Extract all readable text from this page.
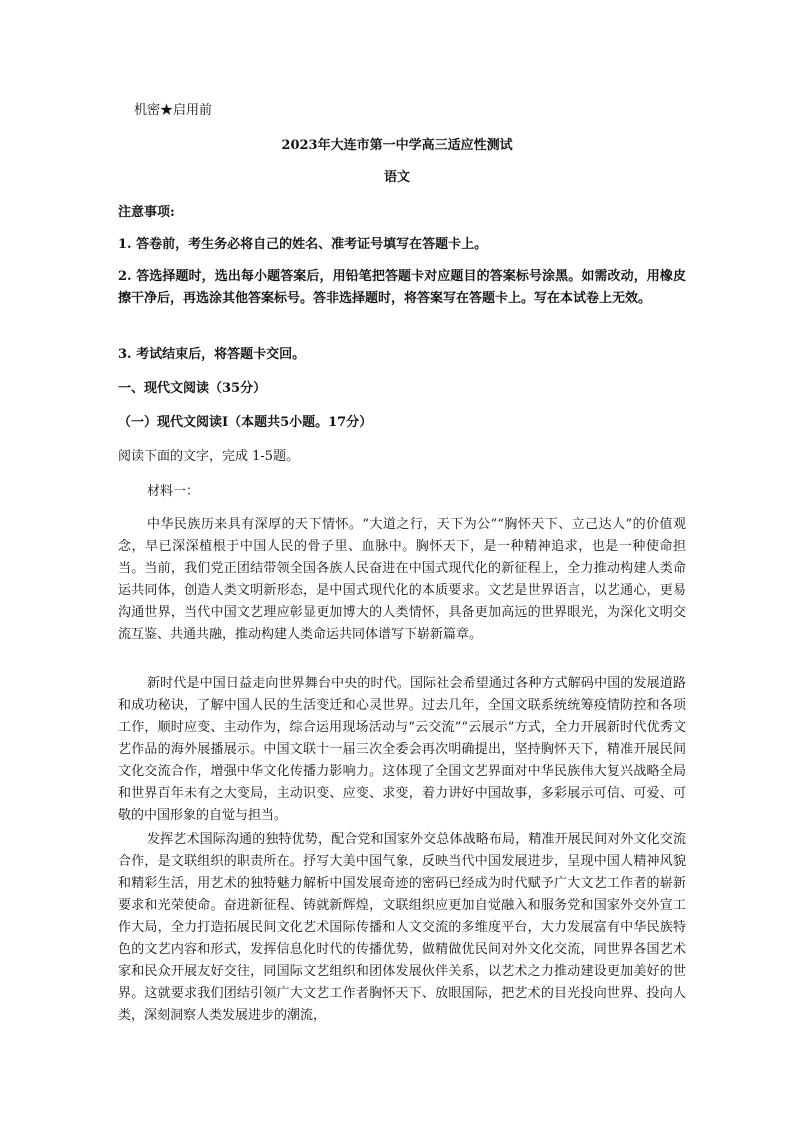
机密★启用前
2023年大连市第一中学高三适应性测试
语文
注意事项:
1. 答卷前，考生务必将自己的姓名、准考证号填写在答题卡上。

2. 答选择题时，选出每小题答案后，用铅笔把答题卡对应题目的答案标号涂黑。如需改动，用橡皮擦干净后，再选涂其他答案标号。答非选择题时，将答案写在答题卡上。写在本试卷上无效。

3. 考试结束后，将答题卡交回。
一、现代文阅读（35分）
（一）现代文阅读Ⅰ（本题共5小题。17分）
阅读下面的文字，完成 1-5题。
材料一：

中华民族历来具有深厚的天下情怀。“大道之行，天下为公”“胸怀天下、立己达人”的价值观念，早已深深植根于中国人民的骨子里、血脉中。胸怀天下，是一种精神追求，也是一种使命担当。当前，我们党正团结带领全国各族人民奋进在中国式现代化的新征程上，全力推动构建人类命运共同体，创造人类文明新形态，是中国式现代化的本质要求。文艺是世界语言，以艺通心，更易沟通世界，当代中国文艺理应彰显更加博大的人类情怀，具备更加高远的世界眼光，为深化文明交流互鉴、共通共融，推动构建人类命运共同体谱写下崭新篇章。

新时代是中国日益走向世界舞台中央的时代。国际社会希望通过各种方式解码中国的发展道路和成功秘诀，了解中国人民的生活变迁和心灵世界。过去几年，全国文联系统统筹疫情防控和各项工作，顺时应变、主动作为，综合运用现场活动与“云交流”“云展示”方式，全力开展新时代优秀文艺作品的海外展播展示。中国文联十一届三次全委会再次明确提出，坚持胸怀天下，精准开展民间文化交流合作，增强中华文化传播力影响力。这体现了全国文艺界面对中华民族伟大复兴战略全局和世界百年未有之大变局，主动识变、应变、求变，着力讲好中国故事，多彩展示可信、可爱、可敬的中国形象的自觉与担当。

发挥艺术国际沟通的独特优势，配合党和国家外交总体战略布局，精准开展民间对外文化交流合作，是文联组织的职责所在。抒写大美中国气象，反映当代中国发展进步，呈现中国人精神风貌和精彩生活，用艺术的独特魅力解析中国发展奇迹的密码已经成为时代赋予广大文艺工作者的崭新要求和光荣使命。奋进新征程、铸就新辉煌，文联组织应更加自觉融入和服务党和国家外交外宣工作大局，全力打造拓展民间文化艺术国际传播和人文交流的多维度平台，大力发展富有中华民族特色的文艺内容和形式，发挥信息化时代的传播优势，做精做优民间对外文化交流，同世界各国艺术家和民众开展友好交往，同国际文艺组织和团体发展伙伴关系，以艺术之力推动建设更加美好的世界。这就要求我们团结引领广大文艺工作者胸怀天下、放眼国际，把艺术的目光投向世界、投向人类，深刻洞察人类发展进步的潮流，
